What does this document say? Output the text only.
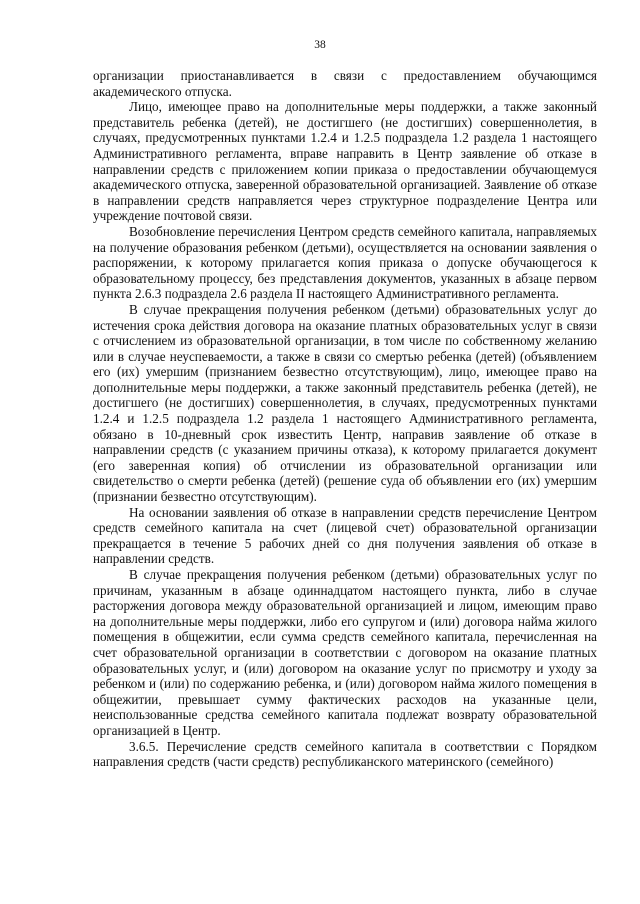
38

организации приостанавливается в связи с предоставлением обучающимся академического отпуска.

Лицо, имеющее право на дополнительные меры поддержки, а также законный представитель ребенка (детей), не достигшего (не достигших) совершеннолетия, в случаях, предусмотренных пунктами 1.2.4 и 1.2.5 подраздела 1.2 раздела 1 настоящего Административного регламента, вправе направить в Центр заявление об отказе в направлении средств с приложением копии приказа о предоставлении обучающемуся академического отпуска, заверенной образовательной организацией. Заявление об отказе в направлении средств направляется через структурное подразделение Центра или учреждение почтовой связи.

Возобновление перечисления Центром средств семейного капитала, направляемых на получение образования ребенком (детьми), осуществляется на основании заявления о распоряжении, к которому прилагается копия приказа о допуске обучающегося к образовательному процессу, без представления документов, указанных в абзаце первом пункта 2.6.3 подраздела 2.6 раздела II настоящего Административного регламента.

В случае прекращения получения ребенком (детьми) образовательных услуг до истечения срока действия договора на оказание платных образовательных услуг в связи с отчислением из образовательной организации, в том числе по собственному желанию или в случае неуспеваемости, а также в связи со смертью ребенка (детей) (объявлением его (их) умершим (признанием безвестно отсутствующим), лицо, имеющее право на дополнительные меры поддержки, а также законный представитель ребенка (детей), не достигшего (не достигших) совершеннолетия, в случаях, предусмотренных пунктами 1.2.4 и 1.2.5 подраздела 1.2 раздела 1 настоящего Административного регламента, обязано в 10-дневный срок известить Центр, направив заявление об отказе в направлении средств (с указанием причины отказа), к которому прилагается документ (его заверенная копия) об отчислении из образовательной организации или свидетельство о смерти ребенка (детей) (решение суда об объявлении его (их) умершим (признании безвестно отсутствующим).

На основании заявления об отказе в направлении средств перечисление Центром средств семейного капитала на счет (лицевой счет) образовательной организации прекращается в течение 5 рабочих дней со дня получения заявления об отказе в направлении средств.

В случае прекращения получения ребенком (детьми) образовательных услуг по причинам, указанным в абзаце одиннадцатом настоящего пункта, либо в случае расторжения договора между образовательной организацией и лицом, имеющим право на дополнительные меры поддержки, либо его супругом и (или) договора найма жилого помещения в общежитии, если сумма средств семейного капитала, перечисленная на счет образовательной организации в соответствии с договором на оказание платных образовательных услуг, и (или) договором на оказание услуг по присмотру и уходу за ребенком и (или) по содержанию ребенка, и (или) договором найма жилого помещения в общежитии, превышает сумму фактических расходов на указанные цели, неиспользованные средства семейного капитала подлежат возврату образовательной организацией в Центр.

3.6.5. Перечисление средств семейного капитала в соответствии с Порядком направления средств (части средств) республиканского материнского (семейного)
